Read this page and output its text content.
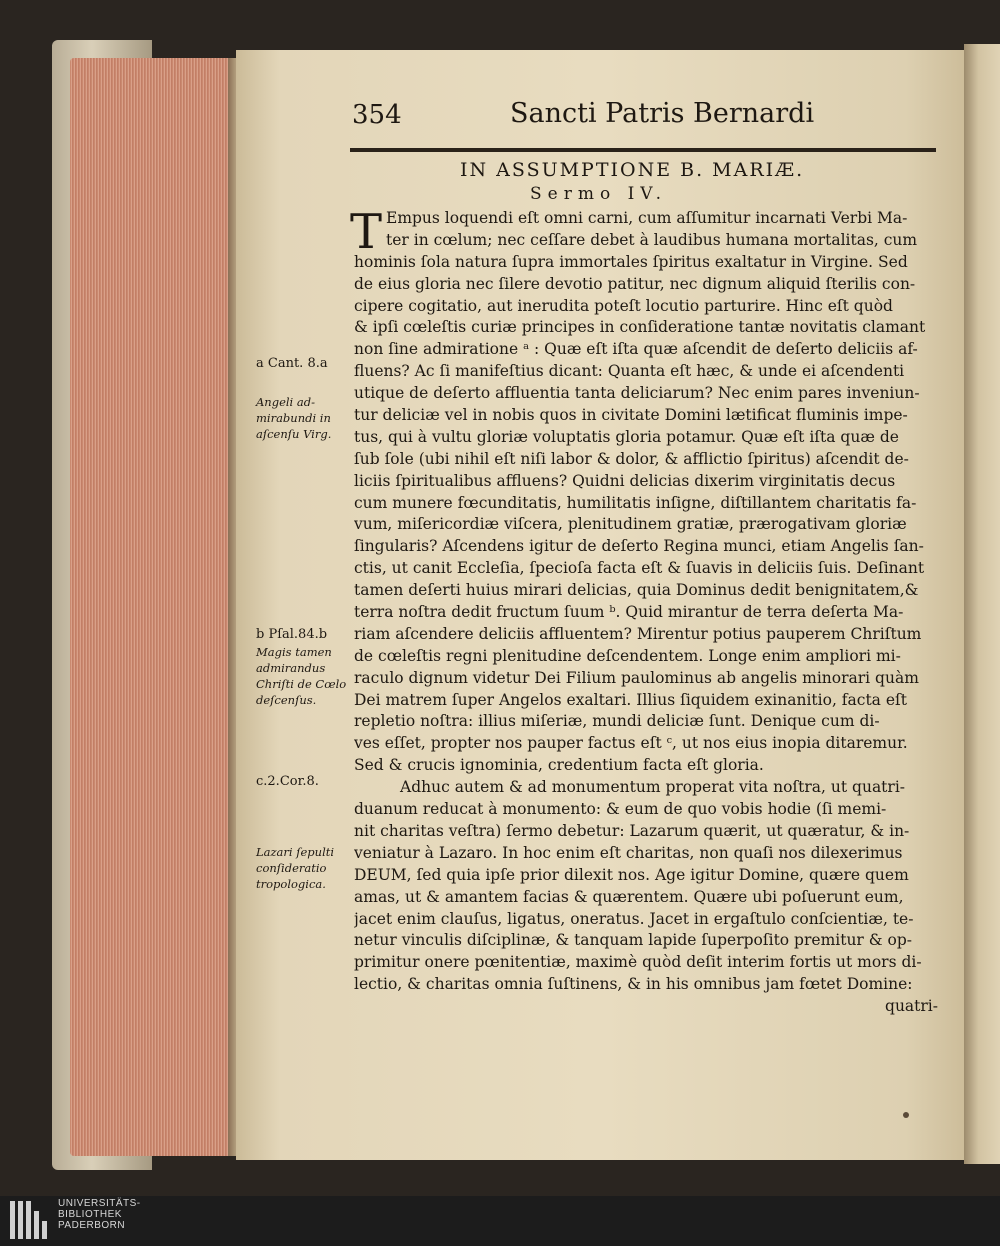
354	Sancti Patris Bernardi
IN ASSUMPTIONE B. MARIÆ.
Sermo IV.
T Empus loquendi eſt omni carni, cum aſſumitur incarnati Verbi Ma-
ter in cœlum; nec ceſſare debet à laudibus humana mortalitas, cum
hominis ſola natura ſupra immortales ſpiritus exaltatur in Virgine. Sed
de eius gloria nec ſilere devotio patitur, nec dignum aliquid ſterilis con-
cipere cogitatio, aut inerudita poteſt locutio parturire. Hinc eſt quòd
& ipſi cœleſtis curiæ principes in conſideratione tantæ novitatis clamant
non ſine admiratione ᵃ : Quæ eſt iſta quæ aſcendit de deſerto deliciis af-
fluens? Ac ſi manifeſtius dicant: Quanta eſt hæc, & unde ei aſcendenti
utique de deſerto affluentia tanta deliciarum? Nec enim pares inveniun-
tur deliciæ vel in nobis quos in civitate Domini lætificat fluminis impe-
tus, qui à vultu gloriæ voluptatis gloria potamur. Quæ eſt iſta quæ de
ſub ſole (ubi nihil eſt niſi labor & dolor, & afflictio ſpiritus) aſcendit de-
liciis ſpiritualibus affluens? Quidni delicias dixerim virginitatis decus
cum munere fœcunditatis, humilitatis inſigne, diſtillantem charitatis fa-
vum, miſericordiæ viſcera, plenitudinem gratiæ, prærogativam gloriæ
ſingularis? Aſcendens igitur de deſerto Regina munci, etiam Angelis ſan-
ctis, ut canit Eccleſia, ſpecioſa facta eſt & ſuavis in deliciis ſuis. Deſinant
tamen deſerti huius mirari delicias, quia Dominus dedit benignitatem,&
terra noſtra dedit fructum ſuum ᵇ. Quid mirantur de terra deſerta Ma-
riam aſcendere deliciis affluentem? Mirentur potius pauperem Chriſtum
de cœleſtis regni plenitudine deſcendentem. Longe enim ampliori mi-
raculo dignum videtur Dei Filium paulominus ab angelis minorari quàm
Dei matrem ſuper Angelos exaltari. Illius ſiquidem exinanitio, facta eſt
repletio noſtra: illius miſeriæ, mundi deliciæ ſunt. Denique cum di-
ves eſſet, propter nos pauper factus eſt ᶜ, ut nos eius inopia ditaremur.
Sed & crucis ignominia, credentium facta eſt gloria.
Adhuc autem & ad monumentum properat vita noſtra, ut quatri-
duanum reducat à monumento: & eum de quo vobis hodie (ſi memi-
nit charitas veſtra) ſermo debetur: Lazarum quærit, ut quæratur, & in-
veniatur à Lazaro. In hoc enim eſt charitas, non quaſi nos dilexerimus
DEUM, ſed quia ipſe prior dilexit nos. Age igitur Domine, quære quem
amas, ut & amantem facias & quærentem. Quære ubi poſuerunt eum,
jacet enim clauſus, ligatus, oneratus. Jacet in ergaſtulo conſcientiæ, te-
netur vinculis diſciplinæ, & tanquam lapide ſuperpoſito premitur & op-
primitur onere pœnitentiæ, maximè quòd deſit interim fortis ut mors di-
lectio, & charitas omnia ſuſtinens, & in his omnibus jam fœtet Domine:
quatri-
a Cant. 8.a
Angeli ad-mirabundi in aſcenſu Virg.
b Pſal.84.b
Magis tamen admirandus Chriſti de Cœlo deſcenſus.
c.2.Cor.8.
Lazari ſepulti conſideratio tropologica.
UNIVERSITÄTS-
BIBLIOTHEK
PADERBORN
